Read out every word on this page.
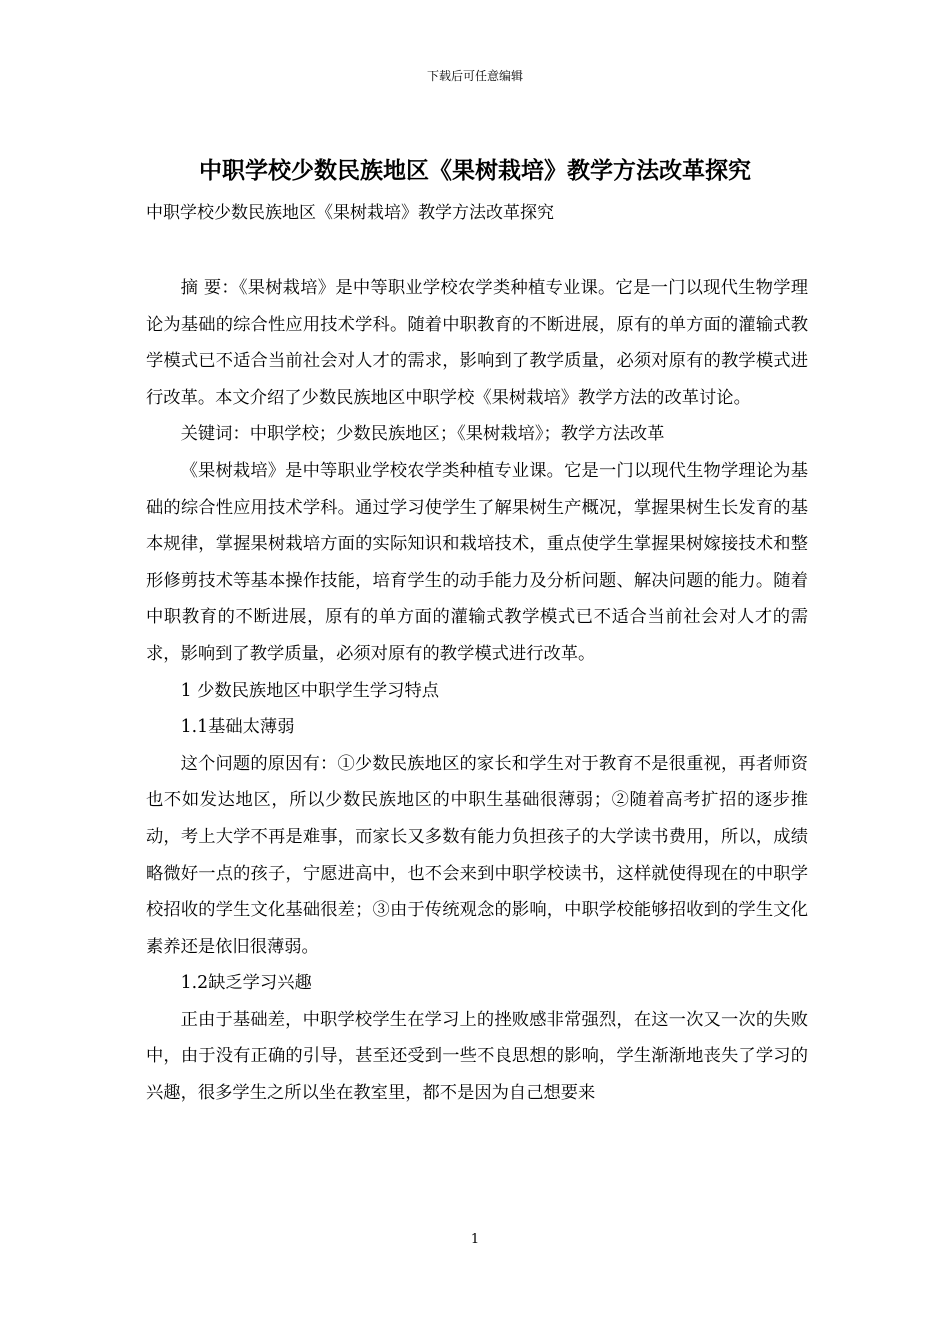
下载后可任意编辑
中职学校少数民族地区《果树栽培》教学方法改革探究
中职学校少数民族地区《果树栽培》教学方法改革探究

摘 要：《果树栽培》是中等职业学校农学类种植专业课。它是一门以现代生物学理论为基础的综合性应用技术学科。随着中职教育的不断进展，原有的单方面的灌输式教学模式已不适合当前社会对人才的需求，影响到了教学质量，必须对原有的教学模式进行改革。本文介绍了少数民族地区中职学校《果树栽培》教学方法的改革讨论。

关键词：中职学校；少数民族地区；《果树栽培》；教学方法改革

《果树栽培》是中等职业学校农学类种植专业课。它是一门以现代生物学理论为基础的综合性应用技术学科。通过学习使学生了解果树生产概况，掌握果树生长发育的基本规律，掌握果树栽培方面的实际知识和栽培技术，重点使学生掌握果树嫁接技术和整形修剪技术等基本操作技能，培育学生的动手能力及分析问题、解决问题的能力。随着中职教育的不断进展，原有的单方面的灌输式教学模式已不适合当前社会对人才的需求，影响到了教学质量，必须对原有的教学模式进行改革。

1 少数民族地区中职学生学习特点

1.1基础太薄弱

这个问题的原因有：①少数民族地区的家长和学生对于教育不是很重视，再者师资也不如发达地区，所以少数民族地区的中职生基础很薄弱；②随着高考扩招的逐步推动，考上大学不再是难事，而家长又多数有能力负担孩子的大学读书费用，所以，成绩略微好一点的孩子，宁愿进高中，也不会来到中职学校读书，这样就使得现在的中职学校招收的学生文化基础很差；③由于传统观念的影响，中职学校能够招收到的学生文化素养还是依旧很薄弱。

1.2缺乏学习兴趣

正由于基础差，中职学校学生在学习上的挫败感非常强烈，在这一次又一次的失败中，由于没有正确的引导，甚至还受到一些不良思想的影响，学生渐渐地丧失了学习的兴趣，很多学生之所以坐在教室里，都不是因为自己想要来

1
